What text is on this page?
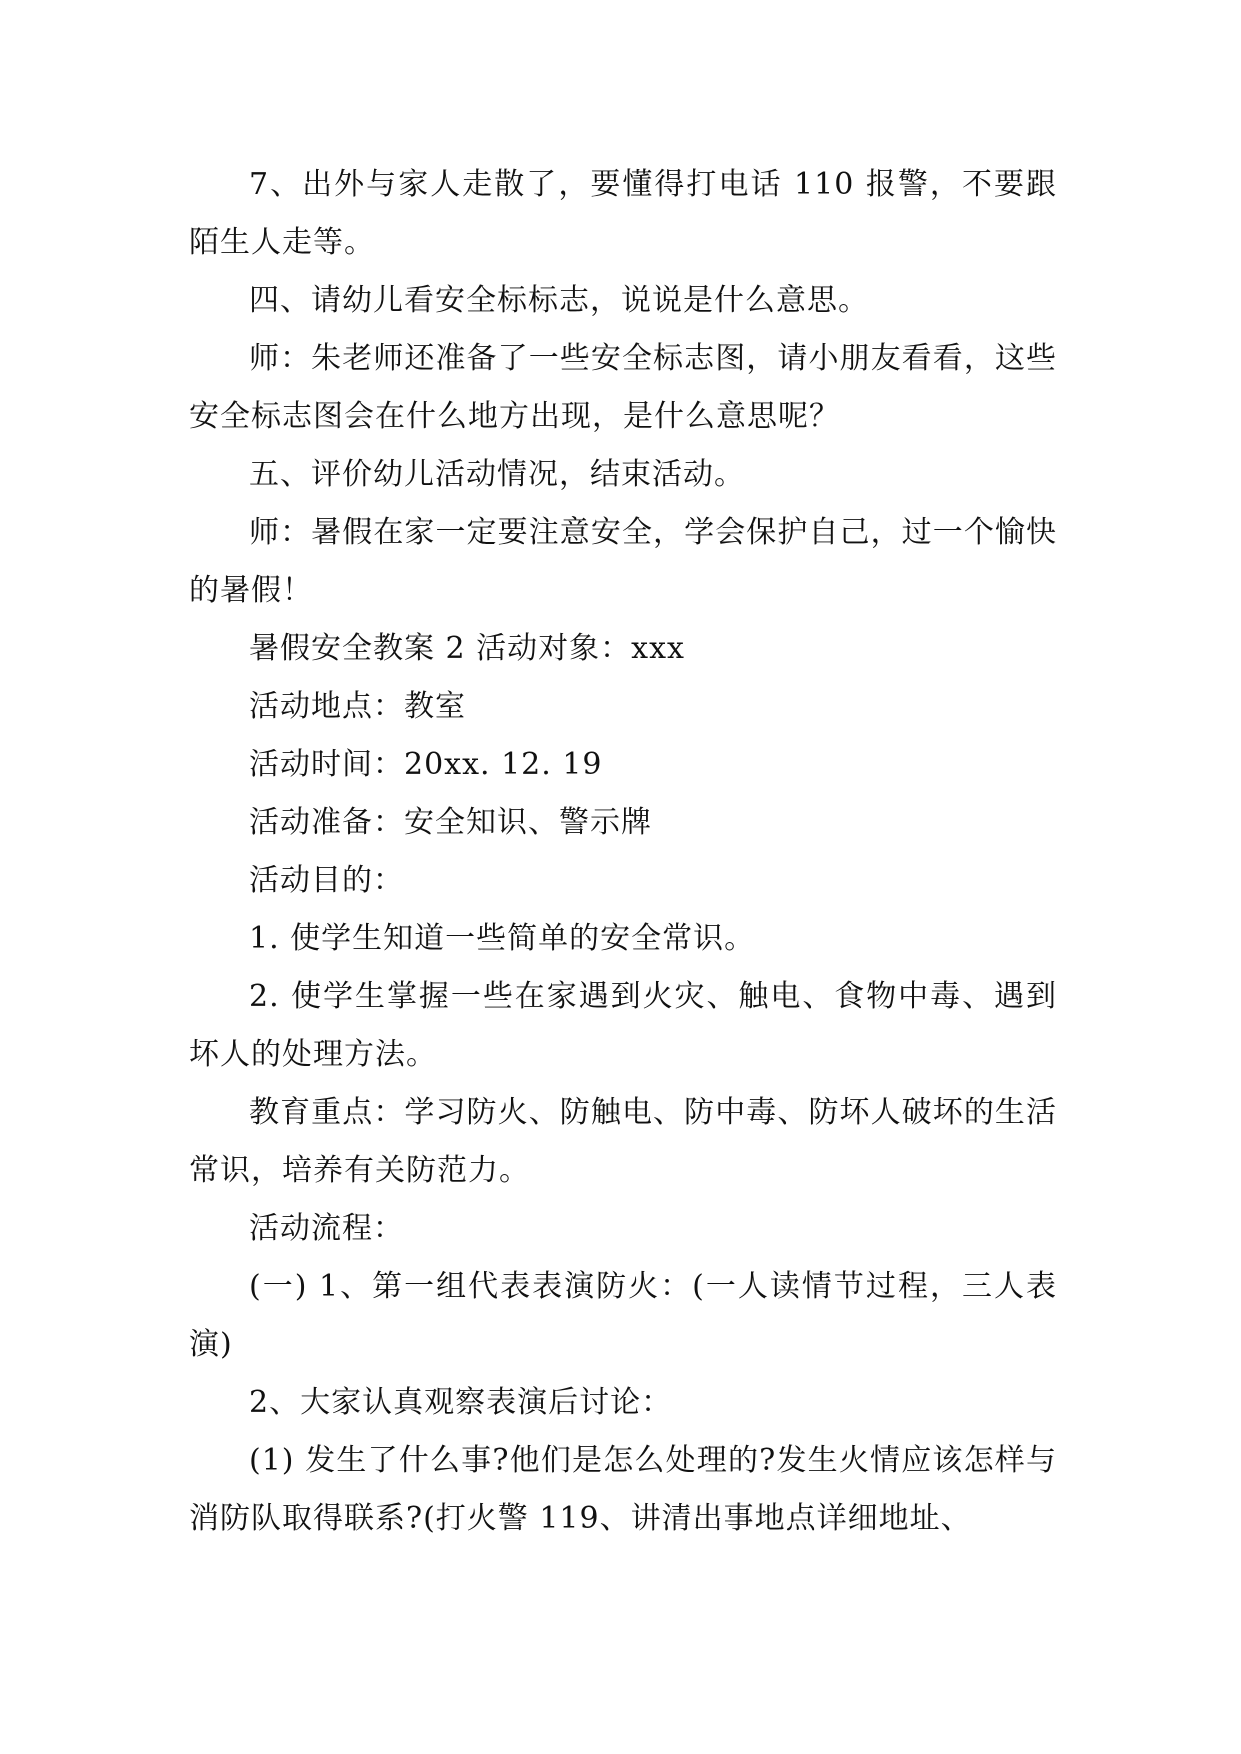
7、出外与家人走散了，要懂得打电话 110 报警，不要跟陌生人走等。

四、请幼儿看安全标标志，说说是什么意思。

师：朱老师还准备了一些安全标志图，请小朋友看看，这些安全标志图会在什么地方出现，是什么意思呢？

五、评价幼儿活动情况，结束活动。

师：暑假在家一定要注意安全，学会保护自己，过一个愉快的暑假！

暑假安全教案 2 活动对象：xxx

活动地点：教室

活动时间：20xx. 12. 19

活动准备：安全知识、警示牌

活动目的：

1. 使学生知道一些简单的安全常识。

2. 使学生掌握一些在家遇到火灾、触电、食物中毒、遇到坏人的处理方法。

教育重点：学习防火、防触电、防中毒、防坏人破坏的生活常识，培养有关防范力。

活动流程：

(一) 1、第一组代表表演防火：(一人读情节过程，三人表演)

2、大家认真观察表演后讨论：

(1) 发生了什么事?他们是怎么处理的?发生火情应该怎样与消防队取得联系?(打火警 119、讲清出事地点详细地址、
